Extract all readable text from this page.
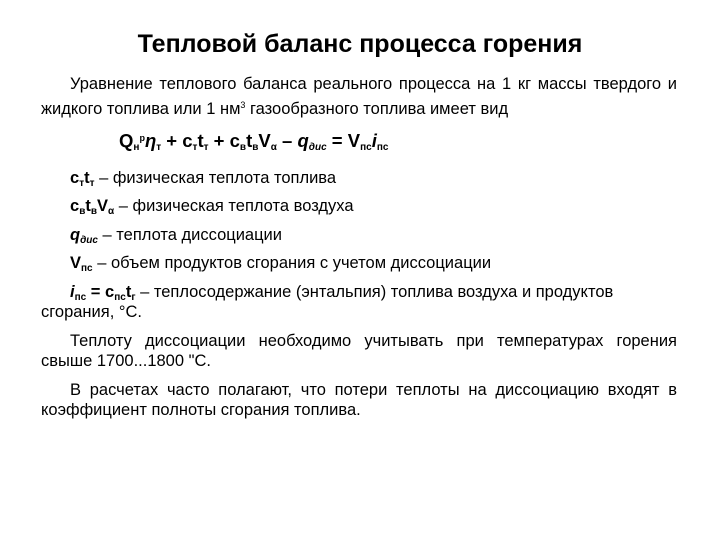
Тепловой баланс процесса горения

Уравнение теплового баланса реального процесса на 1 кг массы твердого и жидкого топлива или 1 $нм^3$ газообразного топлива имеет вид

$Q_н^р\eta_т + c_тt_т + c_вt_вV_\alpha - q_{дис} = V_{пс}i_{пс}$

$c_тt_т$ – физическая теплота топлива

$c_вt_вV_\alpha$ – физическая теплота воздуха

$q_{дис}$ – теплота диссоциации

$V_{пс}$ – объем продуктов сгорания с учетом диссоциации

$i_{пс} = c_{пс}t_г$ – теплосодержание (энтальпия) топлива воздуха и продуктов сгорания, °С.

Теплоту диссоциации необходимо учитывать при температурах горения свыше 1700...1800 "С.

В расчетах часто полагают, что потери теплоты на диссоциацию входят в коэффициент полноты сгорания топлива.
